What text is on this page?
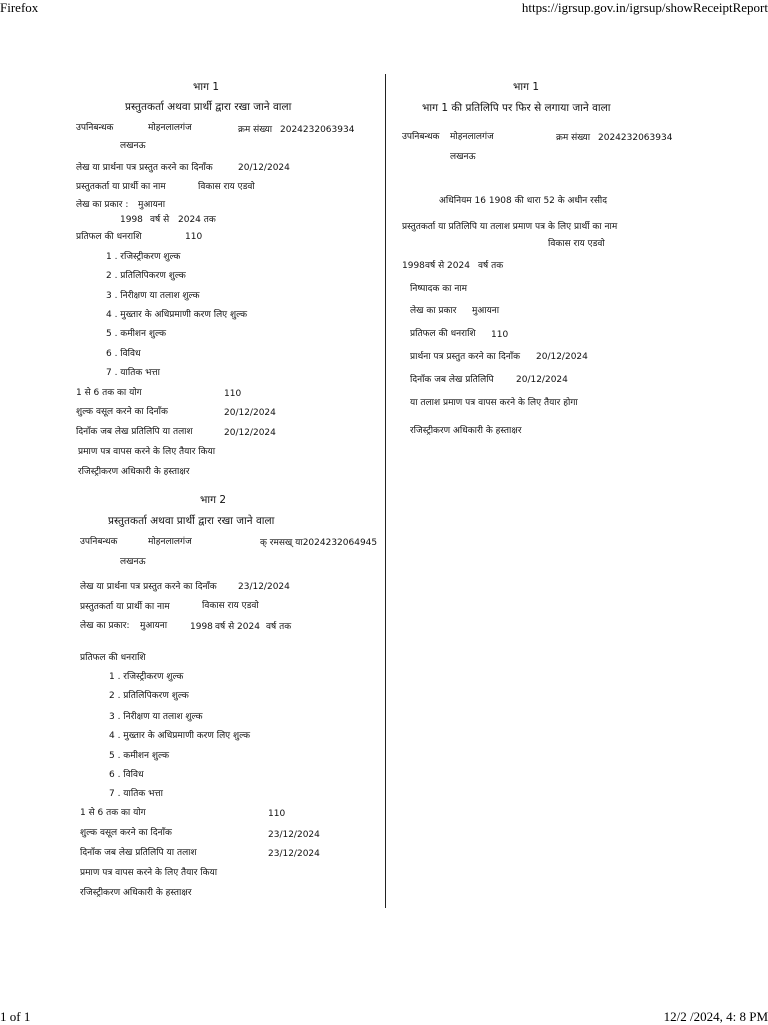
Firefox	https://igrsup.gov.in/igrsup/showReceiptReport
1 of 1	12/2 /2024, 4: 8 PM
भाग 1
प्रस्तुतकर्ता अथवा प्रार्थी द्वारा रखा जाने वाला
उपनिबन्धक	मोहनलालगंज	क्रम संख्या 2024232063934
लखनऊ
लेख या प्रार्थना पत्र प्रस्तुत करने का दिनाँक	20/12/2024
प्रस्तुतकर्ता या प्रार्थी का नाम	विकास राय एडवो
लेख का प्रकार : मुआयना
1998 वर्ष से 2024 तक
प्रतिफल की धनराशि	110
1 . रजिस्ट्रीकरण शुल्क
2 . प्रतिलिपिकरण शुल्क
3 . निरीक्षण या तलाश शुल्क
4 . मुख्तार के अधिप्रमाणी करण लिए शुल्क
5 . कमीशन शुल्क
6 . विविध
7 . यातिक भत्ता
1 से 6 तक का योग	110
शुल्क वसूल करने का दिनाँक	20/12/2024
दिनाँक जब लेख प्रतिलिपि या तलाश	20/12/2024
प्रमाण पत्र वापस करने के लिए तैयार किया
रजिस्ट्रीकरण अधिकारी के हस्ताक्षर
भाग 2
प्रस्तुतकर्ता अथवा प्रार्थी द्वारा रखा जाने वाला
उपनिबन्धक	मोहनलालगंज	क् रमसख् या2024232064945
लखनऊ
लेख या प्रार्थना पत्र प्रस्तुत करने का दिनाँक 23/12/2024
प्रस्तुतकर्ता या प्रार्थी का नाम	विकास राय एडवो
लेख का प्रकार: मुआयना	1998 वर्ष से 2024 वर्ष तक
प्रतिफल की धनराशि
1 . रजिस्ट्रीकरण शुल्क
2 . प्रतिलिपिकरण शुल्क
3 . निरीक्षण या तलाश शुल्क
4 . मुख्तार के अधिप्रमाणी करण लिए शुल्क
5 . कमीशन शुल्क
6 . विविध
7 . यातिक भत्ता
1 से 6 तक का योग	110
शुल्क वसूल करने का दिनाँक	23/12/2024
दिनाँक जब लेख प्रतिलिपि या तलाश	23/12/2024
प्रमाण पत्र वापस करने के लिए तैयार किया
रजिस्ट्रीकरण अधिकारी के हस्ताक्षर
भाग 1
भाग 1 की प्रतिलिपि पर फिर से लगाया जाने वाला
उपनिबन्धक मोहनलालगंज	क्रम संख्या 2024232063934
लखनऊ
अधिनियम 16 1908 की धारा 52 के अधीन रसीद
प्रस्तुतकर्ता या प्रतिलिपि या तलाश प्रमाण पत्र के लिए प्रार्थी का नाम
विकास राय एडवो
1998 वर्ष से 2024 वर्ष तक
निष्पादक का नाम
लेख का प्रकार मुआयना
प्रतिफल की धनराशि 110
प्रार्थना पत्र प्रस्तुत करने का दिनाँक 20/12/2024
दिनाँक जब लेख प्रतिलिपि 20/12/2024
या तलाश प्रमाण पत्र वापस करने के लिए तैयार होगा
रजिस्ट्रीकरण अधिकारी के हस्ताक्षर
